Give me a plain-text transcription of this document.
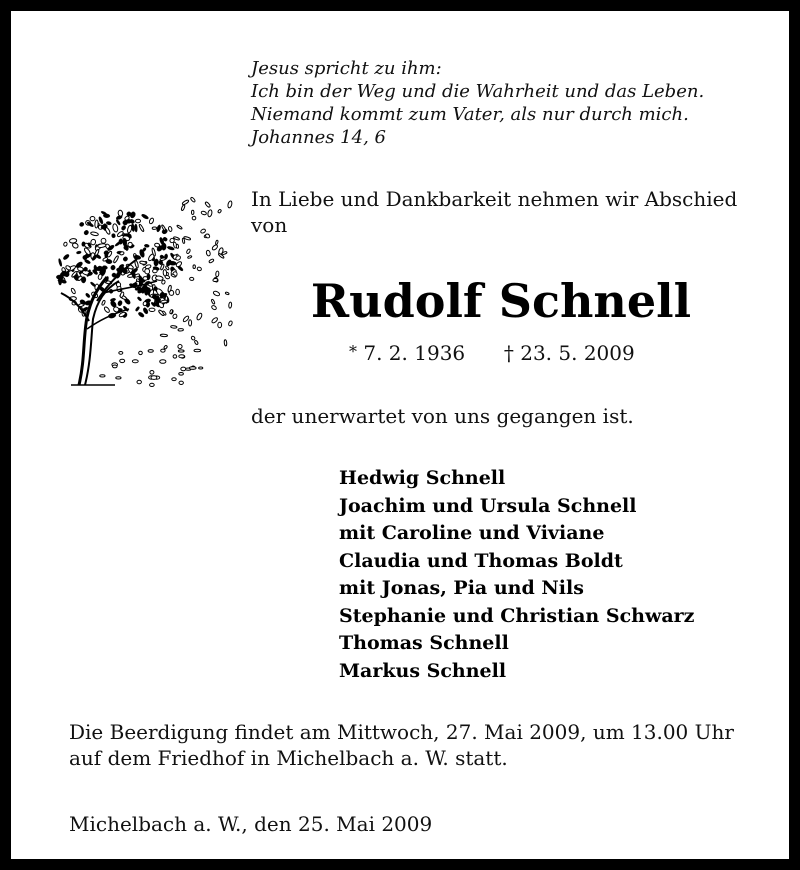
Jesus spricht zu ihm:
Ich bin der Weg und die Wahrheit und das Leben.
Niemand kommt zum Vater, als nur durch mich.
Johannes 14, 6
In Liebe und Dankbarkeit nehmen wir Abschied
von
Rudolf Schnell
* 7. 2. 1936 † 23. 5. 2009
der unerwartet von uns gegangen ist.
Hedwig Schnell
Joachim und Ursula Schnell
mit Caroline und Viviane
Claudia und Thomas Boldt
mit Jonas, Pia und Nils
Stephanie und Christian Schwarz
Thomas Schnell
Markus Schnell
Die Beerdigung findet am Mittwoch, 27. Mai 2009, um 13.00 Uhr
auf dem Friedhof in Michelbach a. W. statt.
Michelbach a. W., den 25. Mai 2009
